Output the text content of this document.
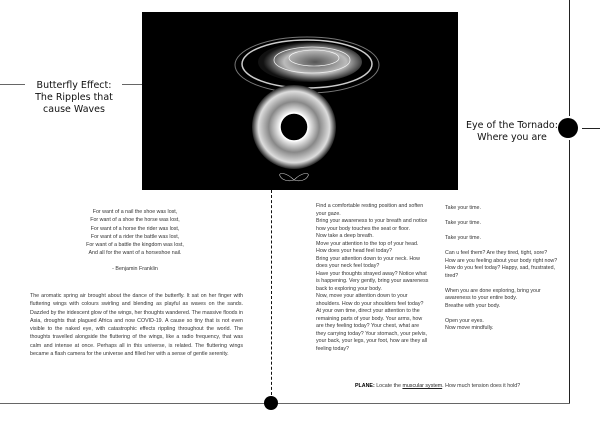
Butterfly Effect:
The Ripples that
cause Waves
Eye of the Tornado:
Where you are
For want of a nail the shoe was lost,
For want of a shoe the horse was lost,
For want of a horse the rider was lost,
For want of a rider the battle was lost,
For want of a battle the kingdom was lost,
And all for the want of a horseshoe nail.
- Benjamin Franklin
The aromatic spring air brought about the dance of the butterfly. It sat on her finger with fluttering wings with colours swirling and blending as playful as waves on the sands. Dazzled by the iridescent glow of the wings, her thoughts wandered. The massive floods in Asia, droughts that plagued Africa and now COVID-19. A cause so tiny that is not even visible to the naked eye, with catastrophic effects rippling throughout the world. The thoughts travelled alongside the fluttering of the wings, like a radio frequency, that was calm and intense at once. Perhaps all in this universe, is related. The fluttering wings became a flash camera for the universe and filled her with a sense of gentle serenity.

Find a comfortable resting position and soften your gaze.

Bring your awareness to your breath and notice how your body touches the seat or floor.

Now take a deep breath.

Move your attention to the top of your head. How does your head feel today?

Bring your attention down to your neck. How does your neck feel today?

Have your thoughts strayed away? Notice what is happening. Very gently, bring your awareness back to exploring your body.

Now, move your attention down to your shoulders. How do your shoulders feel today?

At your own time, direct your attention to the remaining parts of your body. Your arms, how are they feeling today? Your chest, what are they carrying today? Your stomach, your pelvis, your back, your legs, your foot, how are they all feeling today?

Take your time.

Take your time.

Take your time.

Can u feel them? Are they tired, tight, sore?

How are you feeling about your body right now?

How do you feel today? Happy, sad, frustrated, tired?

When you are done exploring, bring your awareness to your entire body.

Breathe with your body.

Open your eyes.

Now move mindfully.

PLANE: Locate the muscular system. How much tension does it hold?
